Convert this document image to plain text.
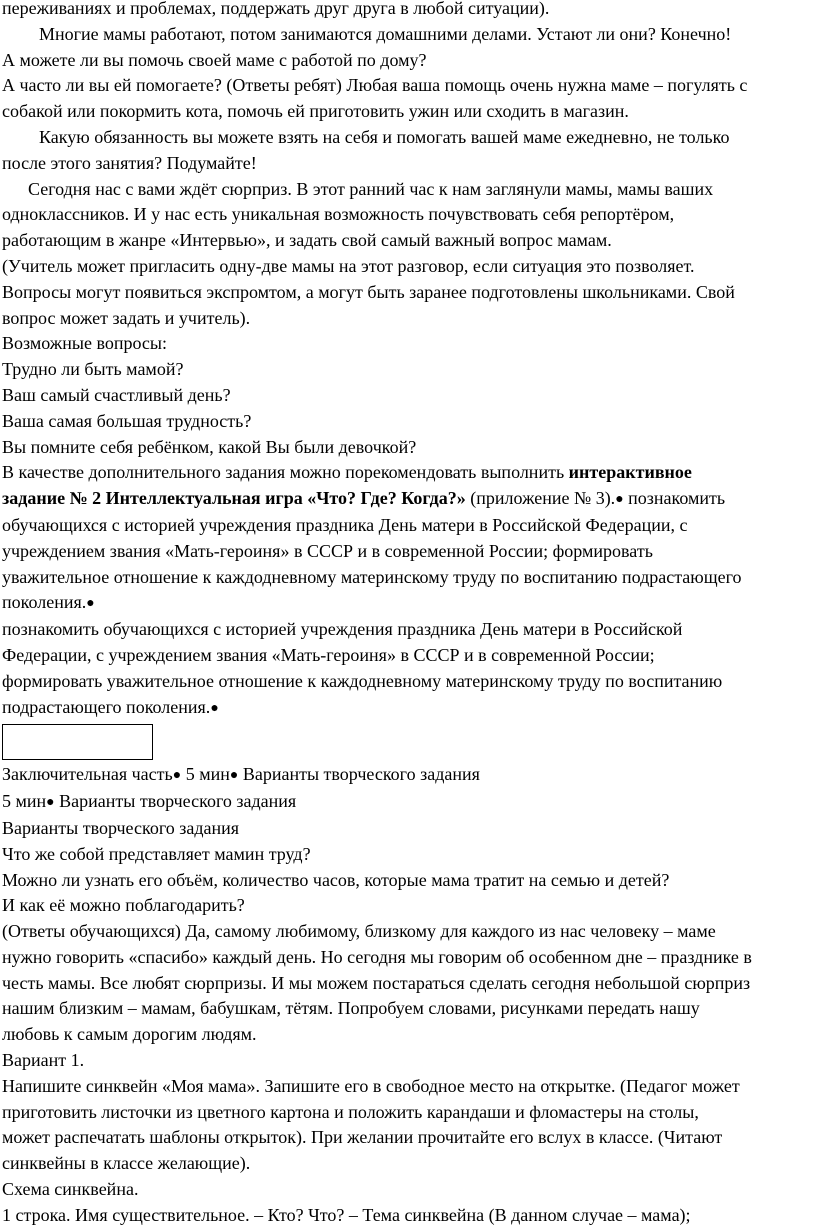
переживаниях и проблемах, поддержать друг друга в любой ситуации).

Многие мамы работают, потом занимаются домашними делами. Устают ли они? Конечно!

А можете ли вы помочь своей маме с работой по дому?

А часто ли вы ей помогаете? (Ответы ребят) Любая ваша помощь очень нужна маме – погулять с

собакой или покормить кота, помочь ей приготовить ужин или сходить в магазин.

Какую обязанность вы можете взять на себя и помогать вашей маме ежедневно, не только

после этого занятия? Подумайте!

Сегодня нас с вами ждёт сюрприз. В этот ранний час к нам заглянули мамы, мамы ваших

одноклассников. И у нас есть уникальная возможность почувствовать себя репортёром,

работающим в жанре «Интервью», и задать свой самый важный вопрос мамам.

(Учитель может пригласить одну-две мамы на этот разговор, если ситуация это позволяет.

Вопросы могут появиться экспромтом, а могут быть заранее подготовлены школьниками. Свой

вопрос может задать и учитель).

Возможные вопросы:

Трудно ли быть мамой?

Ваш самый счастливый день?

Ваша самая большая трудность?

Вы помните себя ребёнком, какой Вы были девочкой?

В качестве дополнительного задания можно порекомендовать выполнить интерактивное

задание № 2 Интеллектуальная игра «Что? Где? Когда?» (приложение № 3).● познакомить

обучающихся с историей учреждения праздника День матери в Российской Федерации, с

учреждением звания «Мать-героиня» в СССР и в современной России; формировать

уважительное отношение к каждодневному материнскому труду по воспитанию подрастающего

поколения.●

познакомить обучающихся с историей учреждения праздника День матери в Российской

Федерации, с учреждением звания «Мать-героиня» в СССР и в современной России;

формировать уважительное отношение к каждодневному материнскому труду по воспитанию

подрастающего поколения.●

Заключительная часть● 5 мин● Варианты творческого задания

5 мин● Варианты творческого задания

Варианты творческого задания

Что же собой представляет мамин труд?

Можно ли узнать его объём, количество часов, которые мама тратит на семью и детей?

И как её можно поблагодарить?

(Ответы обучающихся) Да, самому любимому, близкому для каждого из нас человеку – маме

нужно говорить «спасибо» каждый день. Но сегодня мы говорим об особенном дне – празднике в

честь мамы. Все любят сюрпризы. И мы можем постараться сделать сегодня небольшой сюрприз

нашим близким – мамам, бабушкам, тётям. Попробуем словами, рисунками передать нашу

любовь к самым дорогим людям.

Вариант 1.

Напишите синквейн «Моя мама». Запишите его в свободное место на открытке. (Педагог может

приготовить листочки из цветного картона и положить карандаши и фломастеры на столы,

может распечатать шаблоны открыток). При желании прочитайте его вслух в классе. (Читают

синквейны в классе желающие).

Схема синквейна.

1 строка. Имя существительное. – Кто? Что? – Тема синквейна (В данном случае – мама);
